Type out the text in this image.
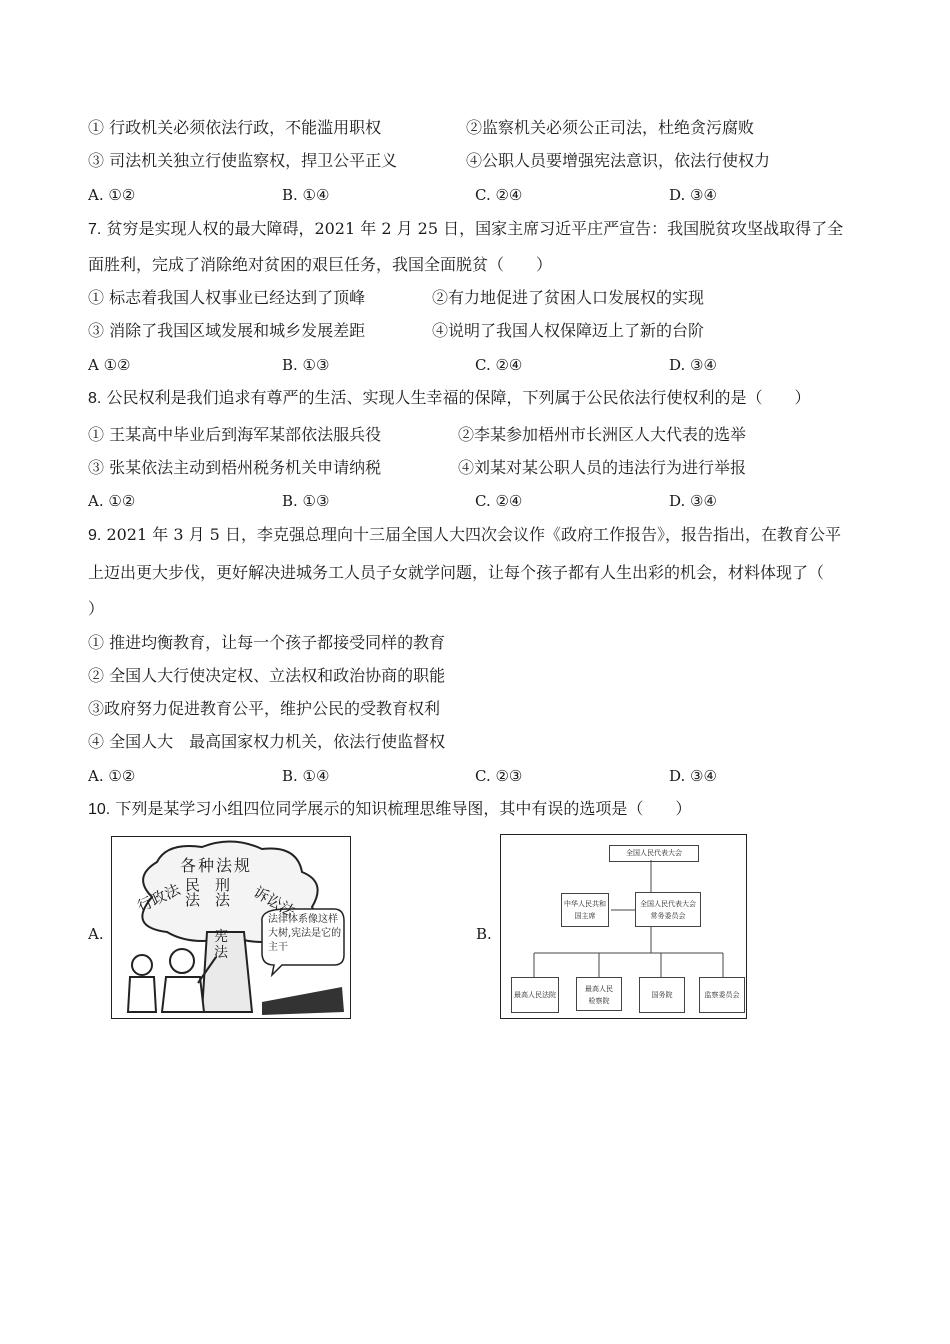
① 行政机关必须依法行政，不能滥用职权	②监察机关必须公正司法，杜绝贪污腐败
③ 司法机关独立行使监察权，捍卫公平正义	④公职人员要增强宪法意识，依法行使权力
A. ①②	B. ①④	C. ②④	D. ③④
7. 贫穷是实现人权的最大障碍，2021 年 2 月 25 日，国家主席习近平庄严宣告：我国脱贫攻坚战取得了全
面胜利，完成了消除绝对贫困的艰巨任务，我国全面脱贫（　　）
① 标志着我国人权事业已经达到了顶峰	②有力地促进了贫困人口发展权的实现
③ 消除了我国区域发展和城乡发展差距	④说明了我国人权保障迈上了新的台阶
A ①②	B. ①③	C. ②④	D. ③④
8. 公民权利是我们追求有尊严的生活、实现人生幸福的保障，下列属于公民依法行使权利的是（　　）
① 王某高中毕业后到海军某部依法服兵役	②李某参加梧州市长洲区人大代表的选举
③ 张某依法主动到梧州税务机关申请纳税	④刘某对某公职人员的违法行为进行举报
A. ①②	B. ①③	C. ②④	D. ③④
9. 2021 年 3 月 5 日，李克强总理向十三届全国人大四次会议作《政府工作报告》，报告指出，在教育公平
上迈出更大步伐，更好解决进城务工人员子女就学问题，让每个孩子都有人生出彩的机会，材料体现了（
）
① 推进均衡教育，让每一个孩子都接受同样的教育
② 全国人大行使决定权、立法权和政治协商的职能
③政府努力促进教育公平，维护公民的受教育权利
④ 全国人大　最高国家权力机关，依法行使监督权
A. ①②	B. ①④	C. ②③	D. ③④
10. 下列是某学习小组四位同学展示的知识梳理思维导图，其中有误的选项是（　　）
A.
各种法规
行政法 民法 刑法 诉讼法
宪法
法律体系像这样大树,宪法是它的主干
B.
全国人民代表大会
中华人民共和
国主席
全国人民代表大会
常务委员会
最高人民法院
最高人民
检察院
国务院	监察委员会
